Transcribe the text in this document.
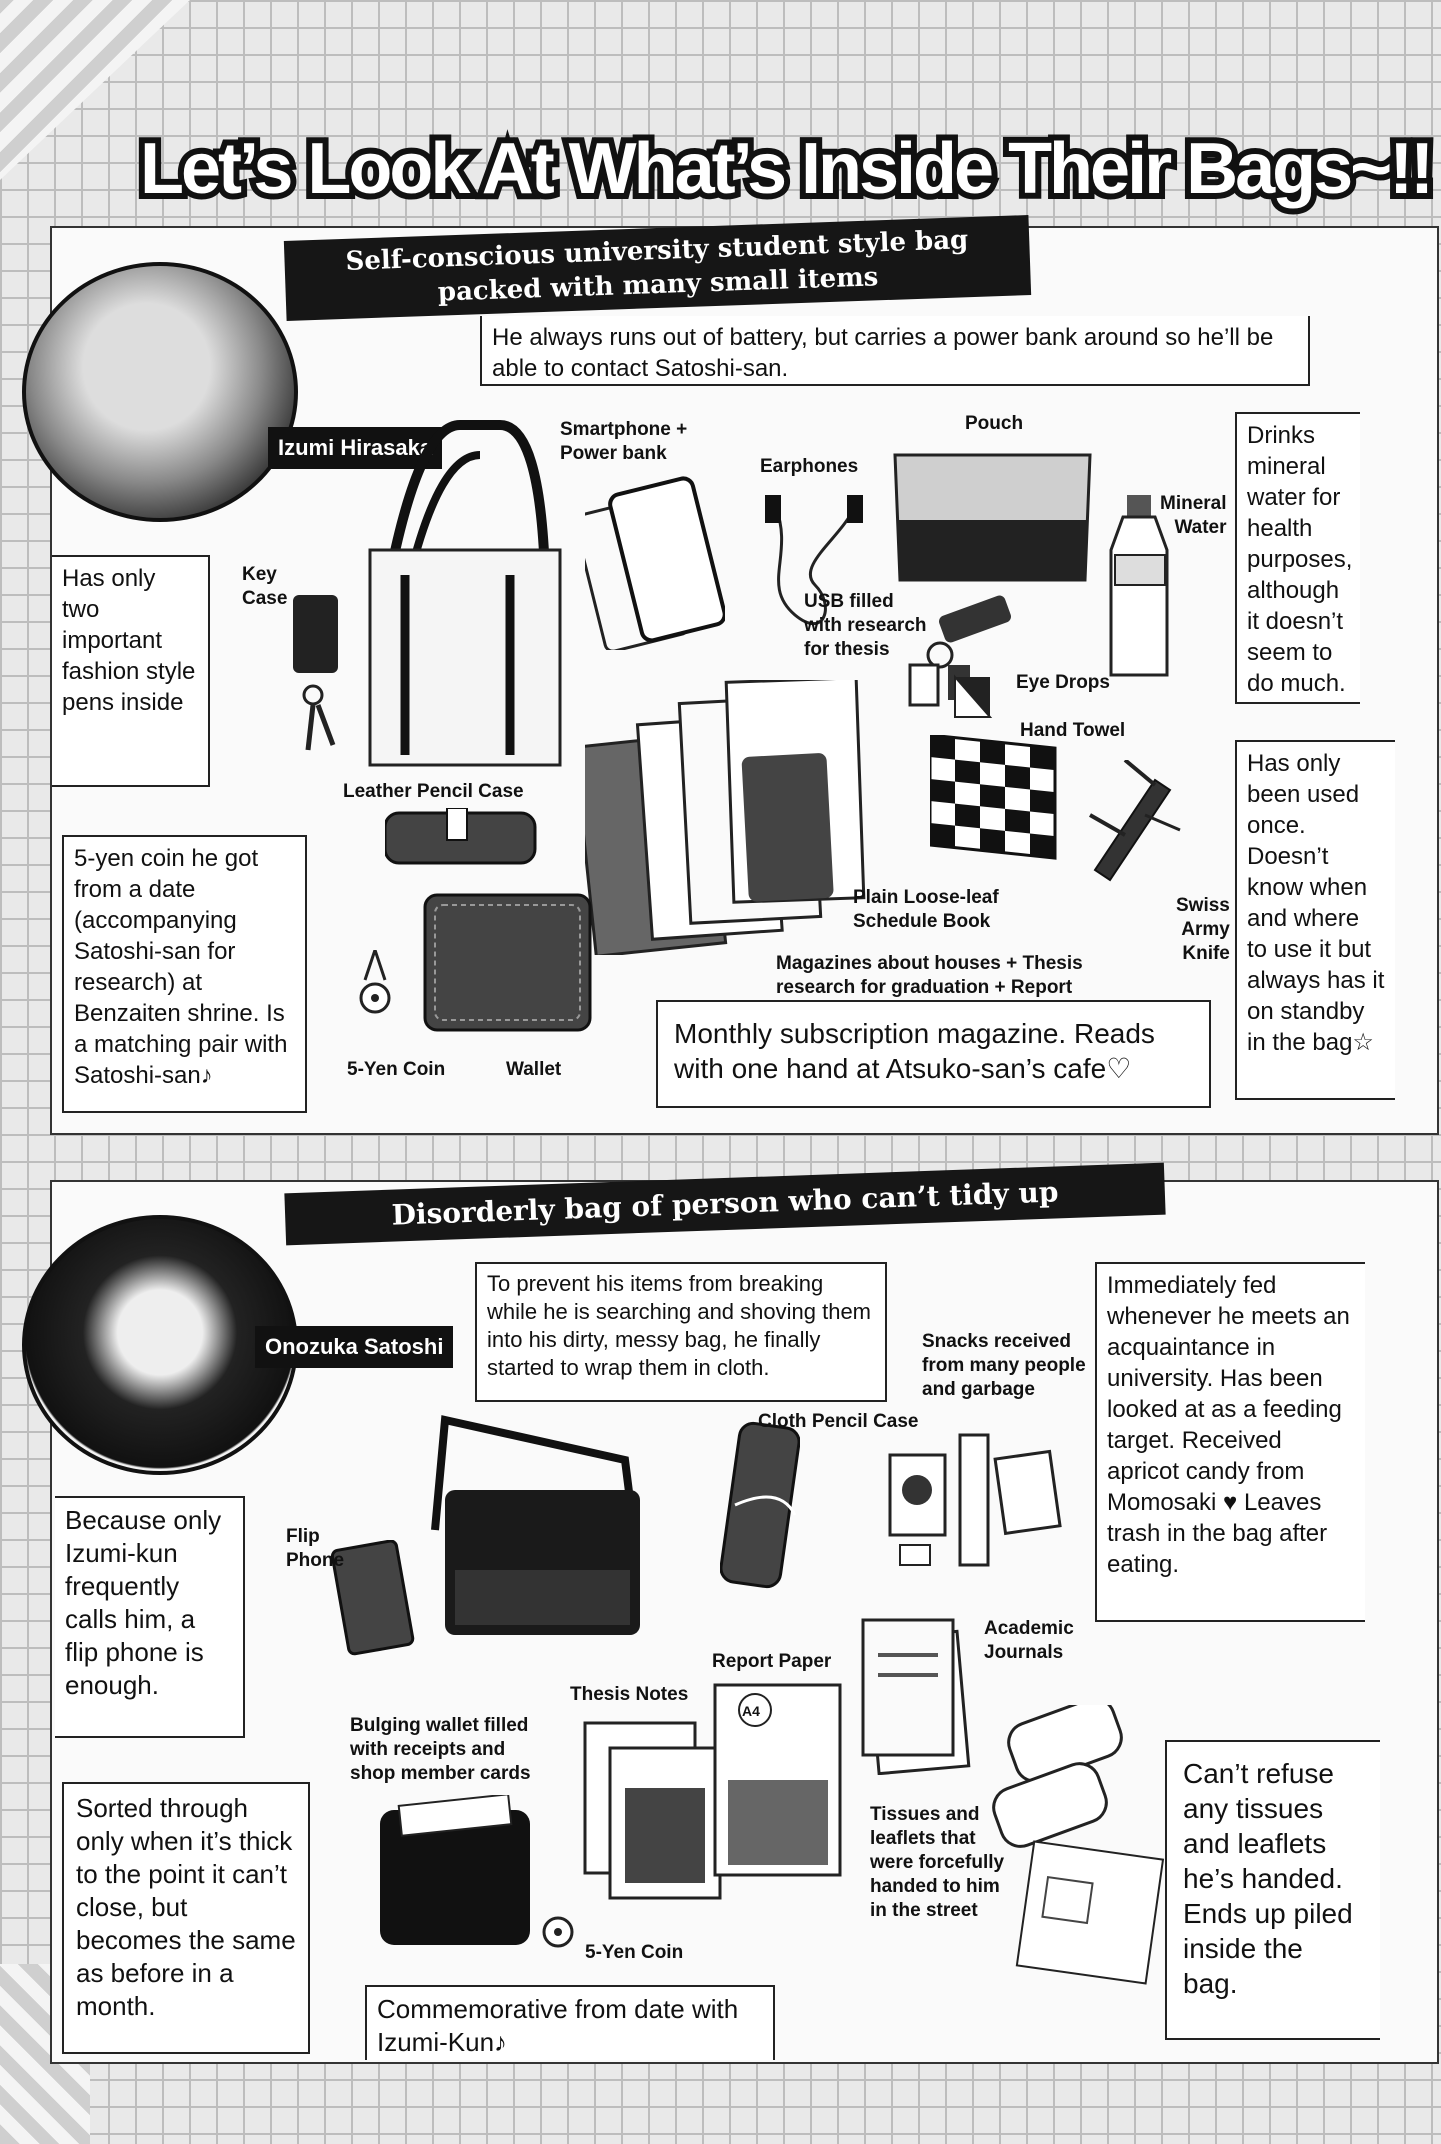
Let’s Look At What’s Inside Their Bags~!!
Self-conscious university student style bag packed with many small items
Izumi Hirasaka
He always runs out of battery, but carries a power bank around so he’ll be able to contact Satoshi-san.
Drinks mineral water for health purposes, although it doesn’t seem to do much.
Has only two important fashion style pens inside
5-yen coin he got from a date (accompanying Satoshi-san for research) at Benzaiten shrine. Is a matching pair with Satoshi-san♪
Has only been used once. Doesn’t know when and where to use it but always has it on standby in the bag☆
Monthly subscription magazine. Reads with one hand at Atsuko-san’s cafe♡
Smartphone +
Power bank
Pouch
Earphones
Mineral
Water
Key
Case	USB filled
with research
for thesis
Eye Drops
Hand Towel
Leather Pencil Case
Plain Loose-leaf
Schedule Book
Swiss
Army
Knife
Magazines about houses + Thesis
research for graduation + Report
5-Yen Coin	Wallet
Disorderly bag of person who can’t tidy up
Onozuka Satoshi
To prevent his items from breaking while he is searching and shoving them into his dirty, messy bag, he finally started to wrap them in cloth.
Immediately fed whenever he meets an acquaintance in university. Has been looked at as a feeding target. Received apricot candy from Momosaki ♥ Leaves trash in the bag after eating.
Because only Izumi-kun frequently calls him, a flip phone is enough.
Sorted through only when it’s thick to the point it can’t close, but becomes the same as before in a month.
Can’t refuse any tissues and leaflets he’s handed. Ends up piled inside the bag.
Commemorative from date with Izumi-Kun♪
A4
Snacks received
from many people
and garbage
Cloth Pencil Case
Flip
Phone
Academic
Journals
Report Paper
Thesis Notes
Bulging wallet filled
with receipts and
shop member cards
Tissues and
leaflets that
were forcefully
handed to him
in the street
5-Yen Coin
